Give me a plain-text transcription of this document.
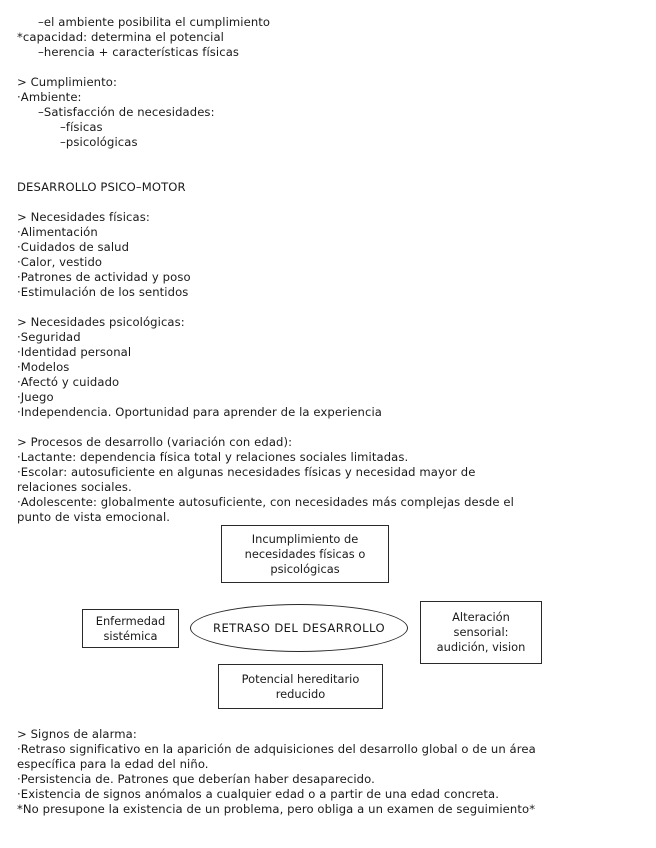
–el ambiente posibilita el cumplimiento
*capacidad: determina el potencial
–herencia + características físicas
> Cumplimiento:
·Ambiente:
–Satisfacción de necesidades:
–físicas
–psicológicas
DESARROLLO PSICO–MOTOR
> Necesidades físicas:
·Alimentación
·Cuidados de salud
·Calor, vestido
·Patrones de actividad y poso
·Estimulación de los sentidos
> Necesidades psicológicas:
·Seguridad
·Identidad personal
·Modelos
·Afectó y cuidado
·Juego
·Independencia. Oportunidad para aprender de la experiencia
> Procesos de desarrollo (variación con edad):
·Lactante: dependencia física total y relaciones sociales limitadas.
·Escolar: autosuficiente en algunas necesidades físicas y necesidad mayor de
relaciones sociales.
·Adolescente: globalmente autosuficiente, con necesidades más complejas desde el
punto de vista emocional.
Incumplimiento de
necesidades físicas o
psicológicas
Enfermedad
sistémica
RETRASO DEL DESARROLLO
Alteración
sensorial:
audición, vision
Potencial hereditario
reducido
> Signos de alarma:
·Retraso significativo en la aparición de adquisiciones del desarrollo global o de un área
específica para la edad del niño.
·Persistencia de. Patrones que deberían haber desaparecido.
·Existencia de signos anómalos a cualquier edad o a partir de una edad concreta.
*No presupone la existencia de un problema, pero obliga a un examen de seguimiento*
